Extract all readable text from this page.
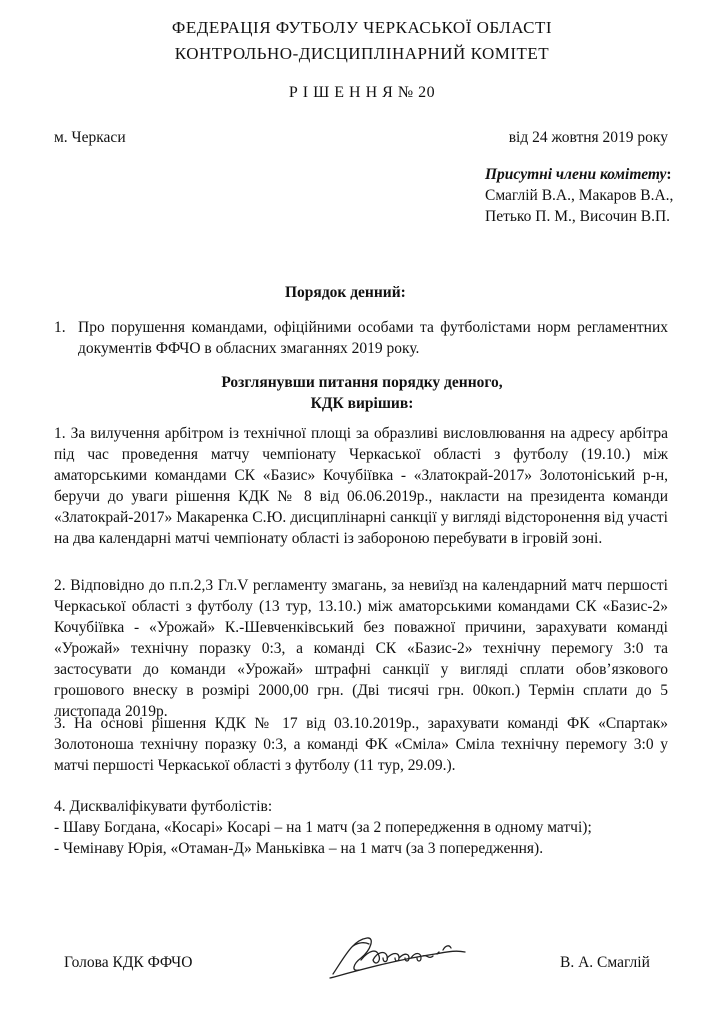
ФЕДЕРАЦІЯ ФУТБОЛУ ЧЕРКАСЬКОЇ ОБЛАСТІ
КОНТРОЛЬНО-ДИСЦИПЛІНАРНИЙ КОМІТЕТ
Р І Ш Е Н Н Я № 20
м. Черкаси	від 24 жовтня 2019 року
Присутні члени комітету:
Смаглій В.А., Макаров В.А.,
Петько П. М., Височин В.П.
Порядок денний:
1. Про порушення командами, офіційними особами та футболістами норм регламентних документів ФФЧО в обласних змаганнях 2019 року.
Розглянувши питання порядку денного,
КДК вирішив:
1. За вилучення арбітром із технічної площі за образливі висловлювання на адресу арбітра під час проведення матчу чемпіонату Черкаської області з футболу (19.10.) між аматорськими командами СК «Базис» Кочубіївка - «Златокрай-2017» Золотоніський р-н, беручи до уваги рішення КДК № 8 від 06.06.2019р., накласти на президента команди «Златокрай-2017» Макаренка С.Ю. дисциплінарні санкції у вигляді відсторонення від участі на два календарні матчі чемпіонату області із забороною перебувати в ігровій зоні.
2. Відповідно до п.п.2,3 Гл.V регламенту змагань, за невиїзд на календарний матч першості Черкаської області з футболу (13 тур, 13.10.) між аматорськими командами СК «Базис-2» Кочубіївка - «Урожай» К.-Шевченківський без поважної причини, зарахувати команді «Урожай» технічну поразку 0:3, а команді СК «Базис-2» технічну перемогу 3:0 та застосувати до команди «Урожай» штрафні санкції у вигляді сплати обов’язкового грошового внеску в розмірі 2000,00 грн. (Дві тисячі грн. 00коп.) Термін сплати до 5 листопада 2019р.
3. На основі рішення КДК № 17 від 03.10.2019р., зарахувати команді ФК «Спартак» Золотоноша технічну поразку 0:3, а команді ФК «Сміла» Сміла технічну перемогу 3:0 у матчі першості Черкаської області з футболу (11 тур, 29.09.).
4. Дискваліфікувати футболістів:
- Шаву Богдана, «Косарі» Косарі – на 1 матч (за 2 попередження в одному матчі);
- Чемінаву Юрія, «Отаман-Д» Маньківка – на 1 матч (за 3 попередження).
Голова КДК ФФЧО	В. А. Смаглій
